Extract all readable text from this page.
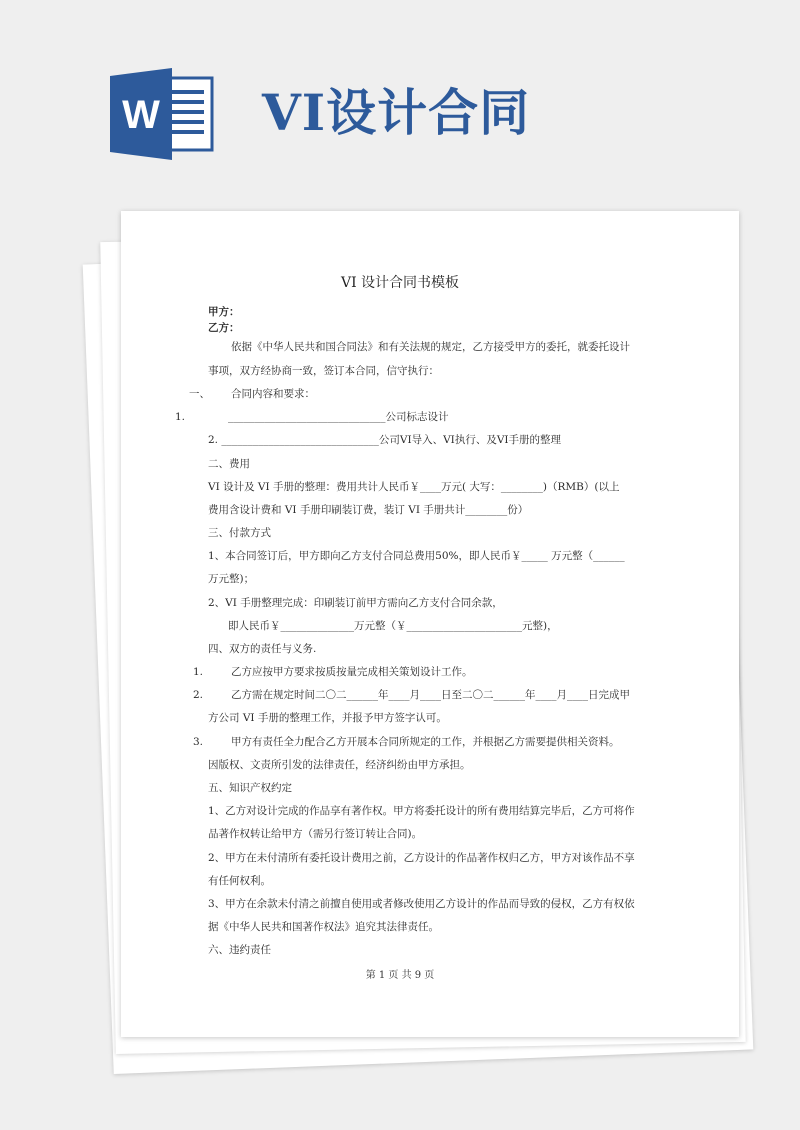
W VI设计合同
VI 设计合同书模板
甲方：
乙方：
依据《中华人民共和国合同法》和有关法规的规定，乙方接受甲方的委托，就委托设计
事项，双方经协商一致，签订本合同，信守执行：
一、 合同内容和要求：
1.	______________________________公司标志设计
2. ______________________________公司VI导入、VI执行、及VI手册的整理
二、费用
VI 设计及 VI 手册的整理：费用共计人民币￥____万元( 大写：________)（RMB）(以上
费用含设计费和 VI 手册印刷装订费，装订 VI 手册共计________份）
三、付款方式
1、本合同签订后，甲方即向乙方支付合同总费用50%，即人民币￥_____ 万元整（______
万元整)；
2、VI 手册整理完成：印刷装订前甲方需向乙方支付合同余款，
即人民币￥______________万元整（￥______________________元整)，
四、双方的责任与义务.
1.	乙方应按甲方要求按质按量完成相关策划设计工作。
2.	乙方需在规定时间二〇二______年____月____日至二〇二______年____月____日完成甲
方公司 VI 手册的整理工作，并报予甲方签字认可。
3.	甲方有责任全力配合乙方开展本合同所规定的工作，并根据乙方需要提供相关资料。
因版权、文责所引发的法律责任，经济纠纷由甲方承担。
五、知识产权约定
1、乙方对设计完成的作品享有著作权。甲方将委托设计的所有费用结算完毕后，乙方可将作
品著作权转让给甲方（需另行签订转让合同)。
2、甲方在未付清所有委托设计费用之前，乙方设计的作品著作权归乙方，甲方对该作品不享
有任何权利。
3、甲方在余款未付清之前擅自使用或者修改使用乙方设计的作品而导致的侵权，乙方有权依
据《中华人民共和国著作权法》追究其法律责任。
六、违约责任
第 1 页 共 9 页
